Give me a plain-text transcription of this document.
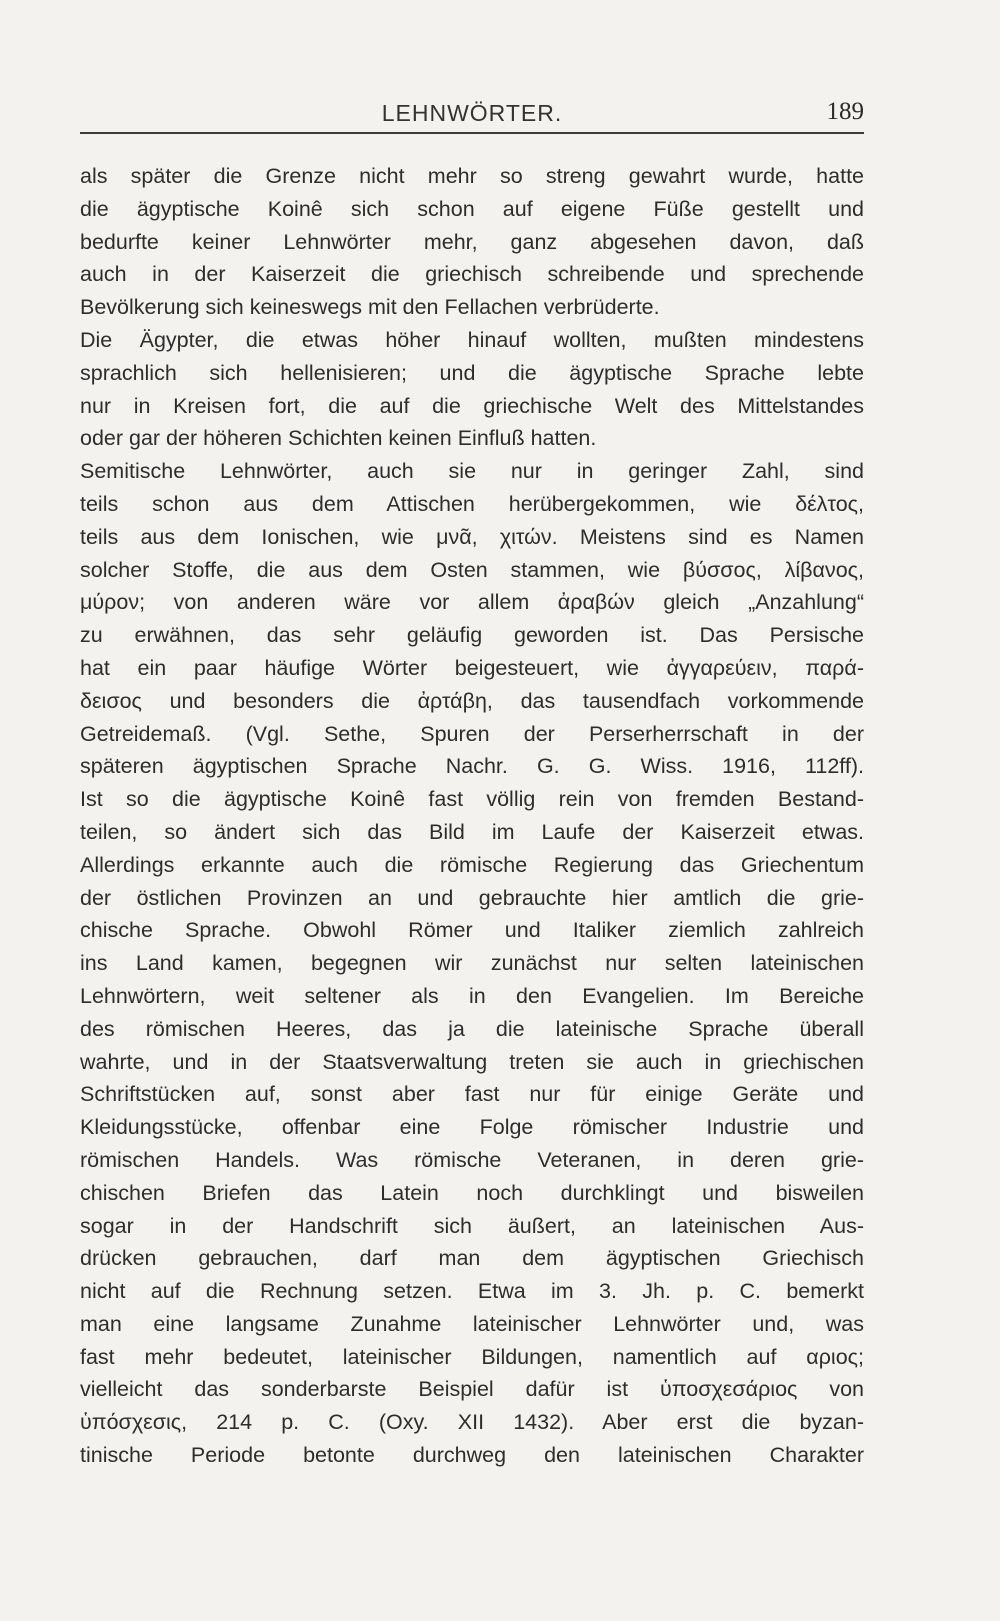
LEHNWÖRTER.	189
als später die Grenze nicht mehr so streng gewahrt wurde, hatte
die ägyptische Koinê sich schon auf eigene Füße gestellt und
bedurfte keiner Lehnwörter mehr, ganz abgesehen davon, daß
auch in der Kaiserzeit die griechisch schreibende und sprechende
Bevölkerung sich keineswegs mit den Fellachen verbrüderte.
Die Ägypter, die etwas höher hinauf wollten, mußten mindestens
sprachlich sich hellenisieren; und die ägyptische Sprache lebte
nur in Kreisen fort, die auf die griechische Welt des Mittelstandes
oder gar der höheren Schichten keinen Einfluß hatten.
Semitische Lehnwörter, auch sie nur in geringer Zahl, sind
teils schon aus dem Attischen herübergekommen, wie δέλτος,
teils aus dem Ionischen, wie μνᾶ, χιτών. Meistens sind es Namen
solcher Stoffe, die aus dem Osten stammen, wie βύσσος, λίβανος,
μύρον; von anderen wäre vor allem ἀραβών gleich „Anzahlung“
zu erwähnen, das sehr geläufig geworden ist. Das Persische
hat ein paar häufige Wörter beigesteuert, wie ἀγγαρεύειν, παρά-
δεισος und besonders die ἀρτάβη, das tausendfach vorkommende
Getreidemaß. (Vgl. Sethe, Spuren der Perserherrschaft in der
späteren ägyptischen Sprache Nachr. G. G. Wiss. 1916, 112ff).
Ist so die ägyptische Koinê fast völlig rein von fremden Bestand-
teilen, so ändert sich das Bild im Laufe der Kaiserzeit etwas.
Allerdings erkannte auch die römische Regierung das Griechentum
der östlichen Provinzen an und gebrauchte hier amtlich die grie-
chische Sprache. Obwohl Römer und Italiker ziemlich zahlreich
ins Land kamen, begegnen wir zunächst nur selten lateinischen
Lehnwörtern, weit seltener als in den Evangelien. Im Bereiche
des römischen Heeres, das ja die lateinische Sprache überall
wahrte, und in der Staatsverwaltung treten sie auch in griechischen
Schriftstücken auf, sonst aber fast nur für einige Geräte und
Kleidungsstücke, offenbar eine Folge römischer Industrie und
römischen Handels. Was römische Veteranen, in deren grie-
chischen Briefen das Latein noch durchklingt und bisweilen
sogar in der Handschrift sich äußert, an lateinischen Aus-
drücken gebrauchen, darf man dem ägyptischen Griechisch
nicht auf die Rechnung setzen. Etwa im 3. Jh. p. C. bemerkt
man eine langsame Zunahme lateinischer Lehnwörter und, was
fast mehr bedeutet, lateinischer Bildungen, namentlich auf αριος;
vielleicht das sonderbarste Beispiel dafür ist ὑποσχεσάριος von
ὑπόσχεσις, 214 p. C. (Oxy. XII 1432). Aber erst die byzan-
tinische Periode betonte durchweg den lateinischen Charakter
